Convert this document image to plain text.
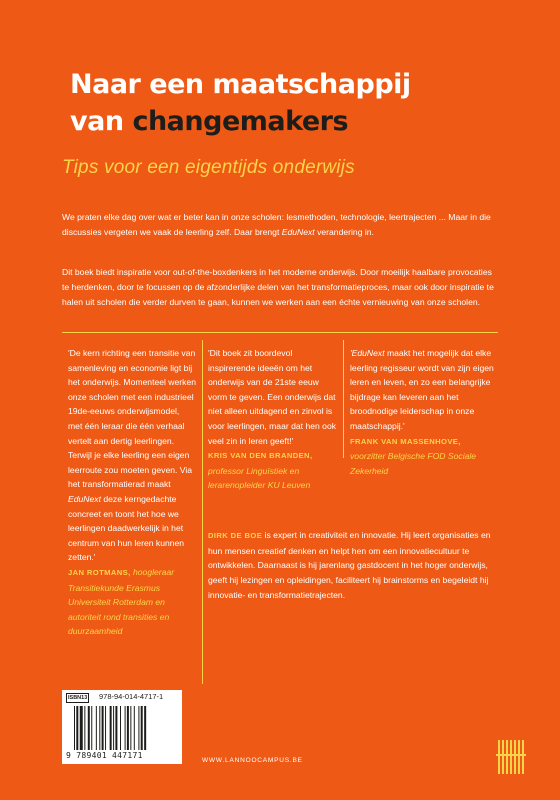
Naar een maatschappij
van changemakers
Tips voor een eigentijds onderwijs
We praten elke dag over wat er beter kan in onze scholen: lesmethoden, technologie, leertrajecten ... Maar in die discussies vergeten we vaak de leerling zelf. Daar brengt EduNext verandering in.
Dit boek biedt inspiratie voor out-of-the-boxdenkers in het moderne onderwijs. Door moeilijk haalbare provocaties te herdenken, door te focussen op de afzonderlijke delen van het transformatieproces, maar ook door inspiratie te halen uit scholen die verder durven te gaan, kunnen we werken aan een échte vernieuwing van onze scholen.
'De kern richting een transitie van samenleving en economie ligt bij het onderwijs. Momenteel werken onze scholen met een industrieel 19de-eeuws onderwijsmodel, met één leraar die één verhaal vertelt aan dertig leerlingen. Terwijl je elke leerling een eigen leerroute zou moeten geven. Via het transformatierad maakt EduNext deze kerngedachte concreet en toont het hoe we leerlingen daadwerkelijk in het centrum van hun leren kunnen zetten.'
JAN ROTMANS, hoogleraar Transitiekunde Erasmus Universiteit Rotterdam en autoriteit rond transities en duurzaamheid
'Dit boek zit boordevol inspirerende ideeën om het onderwijs van de 21ste eeuw vorm te geven. Een onderwijs dat niet alleen uitdagend en zinvol is voor leerlingen, maar dat hen ook veel zin in leren geeft!'
KRIS VAN DEN BRANDEN,
professor Linguïstiek en lerarenopleider KU Leuven
'EduNext maakt het mogelijk dat elke leerling regisseur wordt van zijn eigen leren en leven, en zo een belangrijke bijdrage kan leveren aan het broodnodige leiderschap in onze maatschappij.'
FRANK VAN MASSENHOVE,
voorzitter Belgische FOD Sociale Zekerheid
DIRK DE BOE is expert in creativiteit en innovatie. Hij leert organisaties en hun mensen creatief denken en helpt hen om een innovatiecultuur te ontwikkelen. Daarnaast is hij jarenlang gastdocent in het hoger onderwijs, geeft hij lezingen en opleidingen, faciliteert hij brainstorms en begeleidt hij innovatie- en transformatietrajecten.
ISBN13	978-94-014-4717-1
9 789401 447171
WWW.LANNOOCAMPUS.BE
